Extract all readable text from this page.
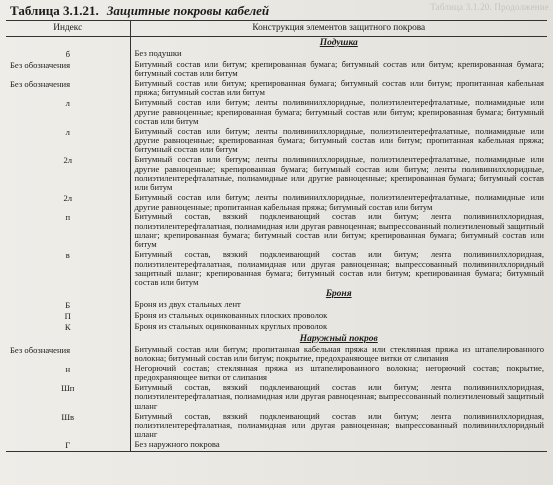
Таблица 3.1.20. Продолжение
Таблица 3.1.21. Защитные покровы кабелей
Индекс	Конструкция элементов защитного покрова
	Подушка
б	Без подушки
Без обозначения	Битумный состав или битум; крепированная бумага; битумный состав или битум; крепированная бумага; битумный состав или битум
Без обозначения	Битумный состав или битум; крепированная бумага; битумный состав или битум; пропитанная кабельная пряжа; битумный состав или битум
л	Битумный состав или битум; ленты поливинилхлоридные, полиэтилентерефталатные, полиамидные или другие равноценные; крепированная бумага; битумный состав или битум; крепированная бумага; битумный состав или битум
л	Битумный состав или битум; ленты поливинилхлоридные, полиэтилентерефталатные, полиамидные или другие равноценные; крепированная бумага; битумный состав или битум; пропитанная кабельная пряжа; битумный состав или битум
2л	Битумный состав или битум; ленты поливинилхлоридные, полиэтилентерефталатные, полиамидные или другие равноценные; крепированная бумага; битумный состав или битум; ленты поливинилхлоридные, полиэтилентерефталатные, полиамидные или другие равноценные; крепированная бумага; битумный состав или битум
2л	Битумный состав или битум; ленты поливинилхлоридные, полиэтилентерефталатные, полиамидные или другие равноценные; пропитанная кабельная пряжа; битумный состав или битум
п	Битумный состав, вязкий подклеивающий состав или битум; лента поливинилхлоридная, полиэтилентерефталатная, полиамидная или другая равноценная; выпрессованный полиэтиленовый защитный шланг; крепированная бумага; битумный состав или битум; крепированная бумага; битумный состав или битум
в	Битумный состав, вязкий подклеивающий состав или битум; лента поливинилхлоридная, полиэтилентерефталатная, полиамидная или другая равноценная; выпрессованный поливинилхлоридный защитный шланг; крепированная бумага; битумный состав или битум; крепированная бумага; битумный состав или битум
	Броня
Б	Броня из двух стальных лент
П	Броня из стальных оцинкованных плоских проволок
К	Броня из стальных оцинкованных круглых проволок
	Наружный покров
Без обозначения	Битумный состав или битум; пропитанная кабельная пряжа или стеклянная пряжа из штапелированного волокна; битумный состав или битум; покрытие, предохраняющее витки от слипания
н	Негорючий состав; стеклянная пряжа из штапелированного волокна; негорючий состав; покрытие, предохраняющее витки от слипания
Шп	Битумный состав, вязкий подклеивающий состав или битум; лента поливинилхлоридная, полиэтилентерефталатная, полиамидная или другая равноценная; выпрессованный полиэтиленовый защитный шланг
Шв	Битумный состав, вязкий подклеивающий состав или битум; лента поливинилхлоридная, полиэтилентерефталатная, полиамидная или другая равноценная; выпрессованный поливинилхлоридный шланг
Г	Без наружного покрова
